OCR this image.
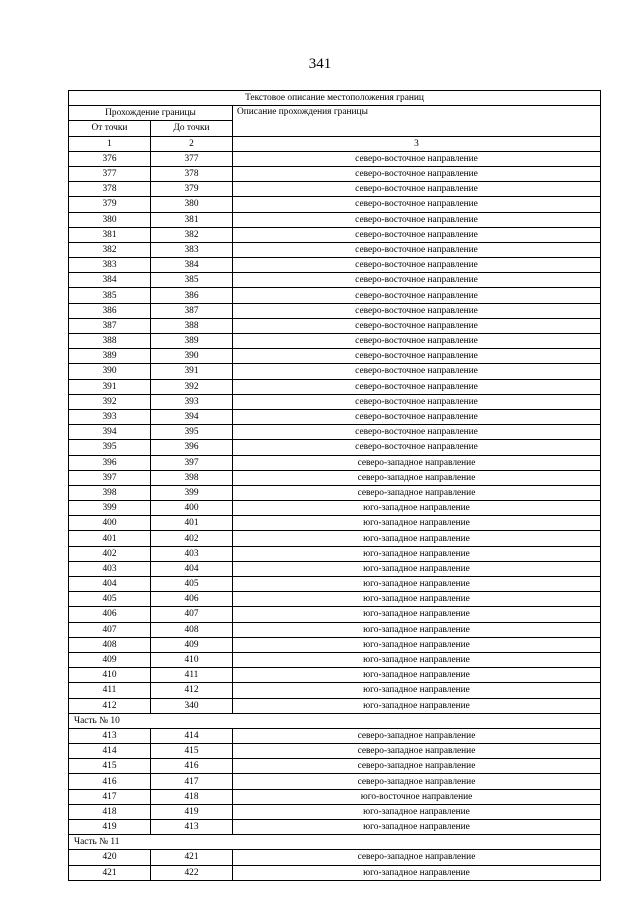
341
Текстовое описание местоположения границ		
Прохождение границы		Описание прохождения границы
От точки	До точки	
1	2	3
376	377	северо-восточное направление
377	378	северо-восточное направление
378	379	северо-восточное направление
379	380	северо-восточное направление
380	381	северо-восточное направление
381	382	северо-восточное направление
382	383	северо-восточное направление
383	384	северо-восточное направление
384	385	северо-восточное направление
385	386	северо-восточное направление
386	387	северо-восточное направление
387	388	северо-восточное направление
388	389	северо-восточное направление
389	390	северо-восточное направление
390	391	северо-восточное направление
391	392	северо-восточное направление
392	393	северо-восточное направление
393	394	северо-восточное направление
394	395	северо-восточное направление
395	396	северо-восточное направление
396	397	северо-западное направление
397	398	северо-западное направление
398	399	северо-западное направление
399	400	юго-западное направление
400	401	юго-западное направление
401	402	юго-западное направление
402	403	юго-западное направление
403	404	юго-западное направление
404	405	юго-западное направление
405	406	юго-западное направление
406	407	юго-западное направление
407	408	юго-западное направление
408	409	юго-западное направление
409	410	юго-западное направление
410	411	юго-западное направление
411	412	юго-западное направление
412	340	юго-западное направление
Часть № 10		
413	414	северо-западное направление
414	415	северо-западное направление
415	416	северо-западное направление
416	417	северо-западное направление
417	418	юго-восточное направление
418	419	юго-западное направление
419	413	юго-западное направление
Часть № 11		
420	421	северо-западное направление
421	422	юго-западное направление
